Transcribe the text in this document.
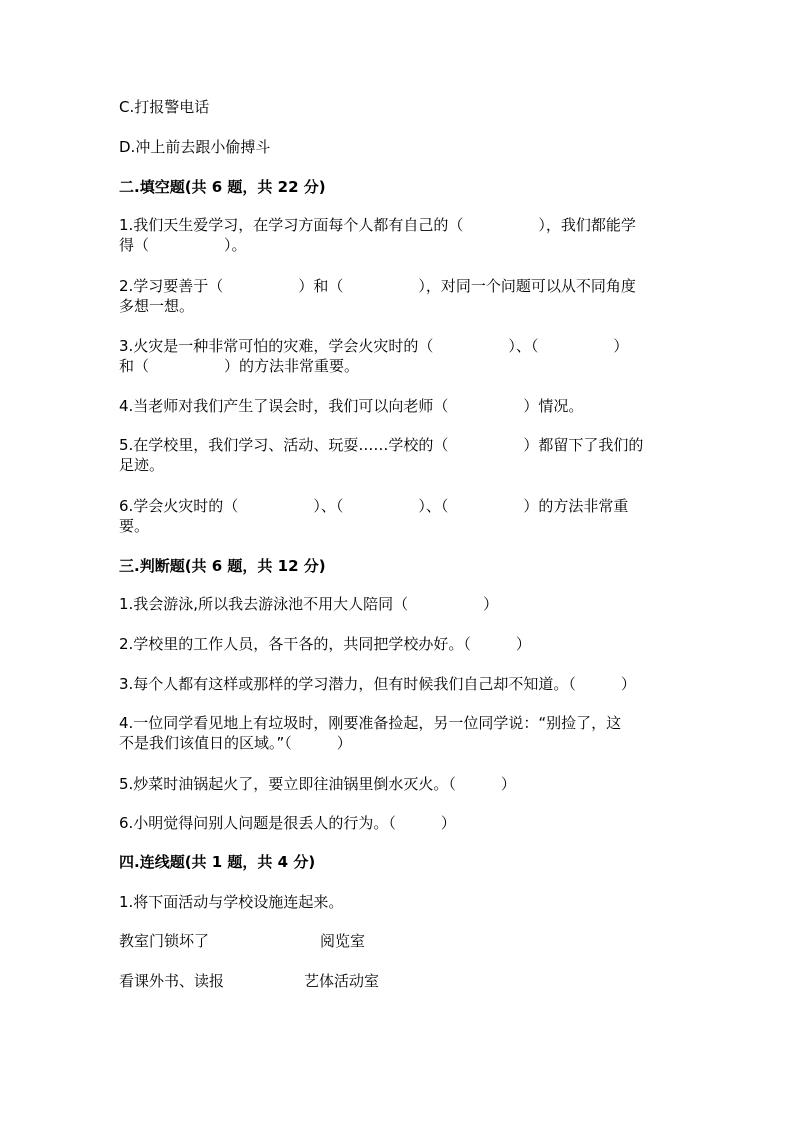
C.打报警电话
D.冲上前去跟小偷搏斗
二.填空题(共 6 题，共 22 分)
1.我们天生爱学习，在学习方面每个人都有自己的（　　　　　），我们都能学
得（　　　　　）。
2.学习要善于（　　　　　）和（　　　　　），对同一个问题可以从不同角度
多想一想。
3.火灾是一种非常可怕的灾难，学会火灾时的（　　　　　）、（　　　　　）
和（　　　　　）的方法非常重要。
4.当老师对我们产生了误会时，我们可以向老师（　　　　　）情况。
5.在学校里，我们学习、活动、玩耍……学校的（　　　　　）都留下了我们的
足迹。
6.学会火灾时的（　　　　　）、（　　　　　）、（　　　　　）的方法非常重
要。
三.判断题(共 6 题，共 12 分)
1.我会游泳,所以我去游泳池不用大人陪同（　　　　　）
2.学校里的工作人员，各干各的，共同把学校办好。（　　　）
3.每个人都有这样或那样的学习潜力，但有时候我们自己却不知道。（　　　）
4.一位同学看见地上有垃圾时，刚要准备捡起，另一位同学说：“别捡了，这
不是我们该值日的区域。”（　　　）
5.炒菜时油锅起火了，要立即往油锅里倒水灭火。（　　　）
6.小明觉得问别人问题是很丢人的行为。（　　　）
四.连线题(共 1 题，共 4 分)
1.将下面活动与学校设施连起来。
教室门锁坏了	阅览室
看课外书、读报	艺体活动室
